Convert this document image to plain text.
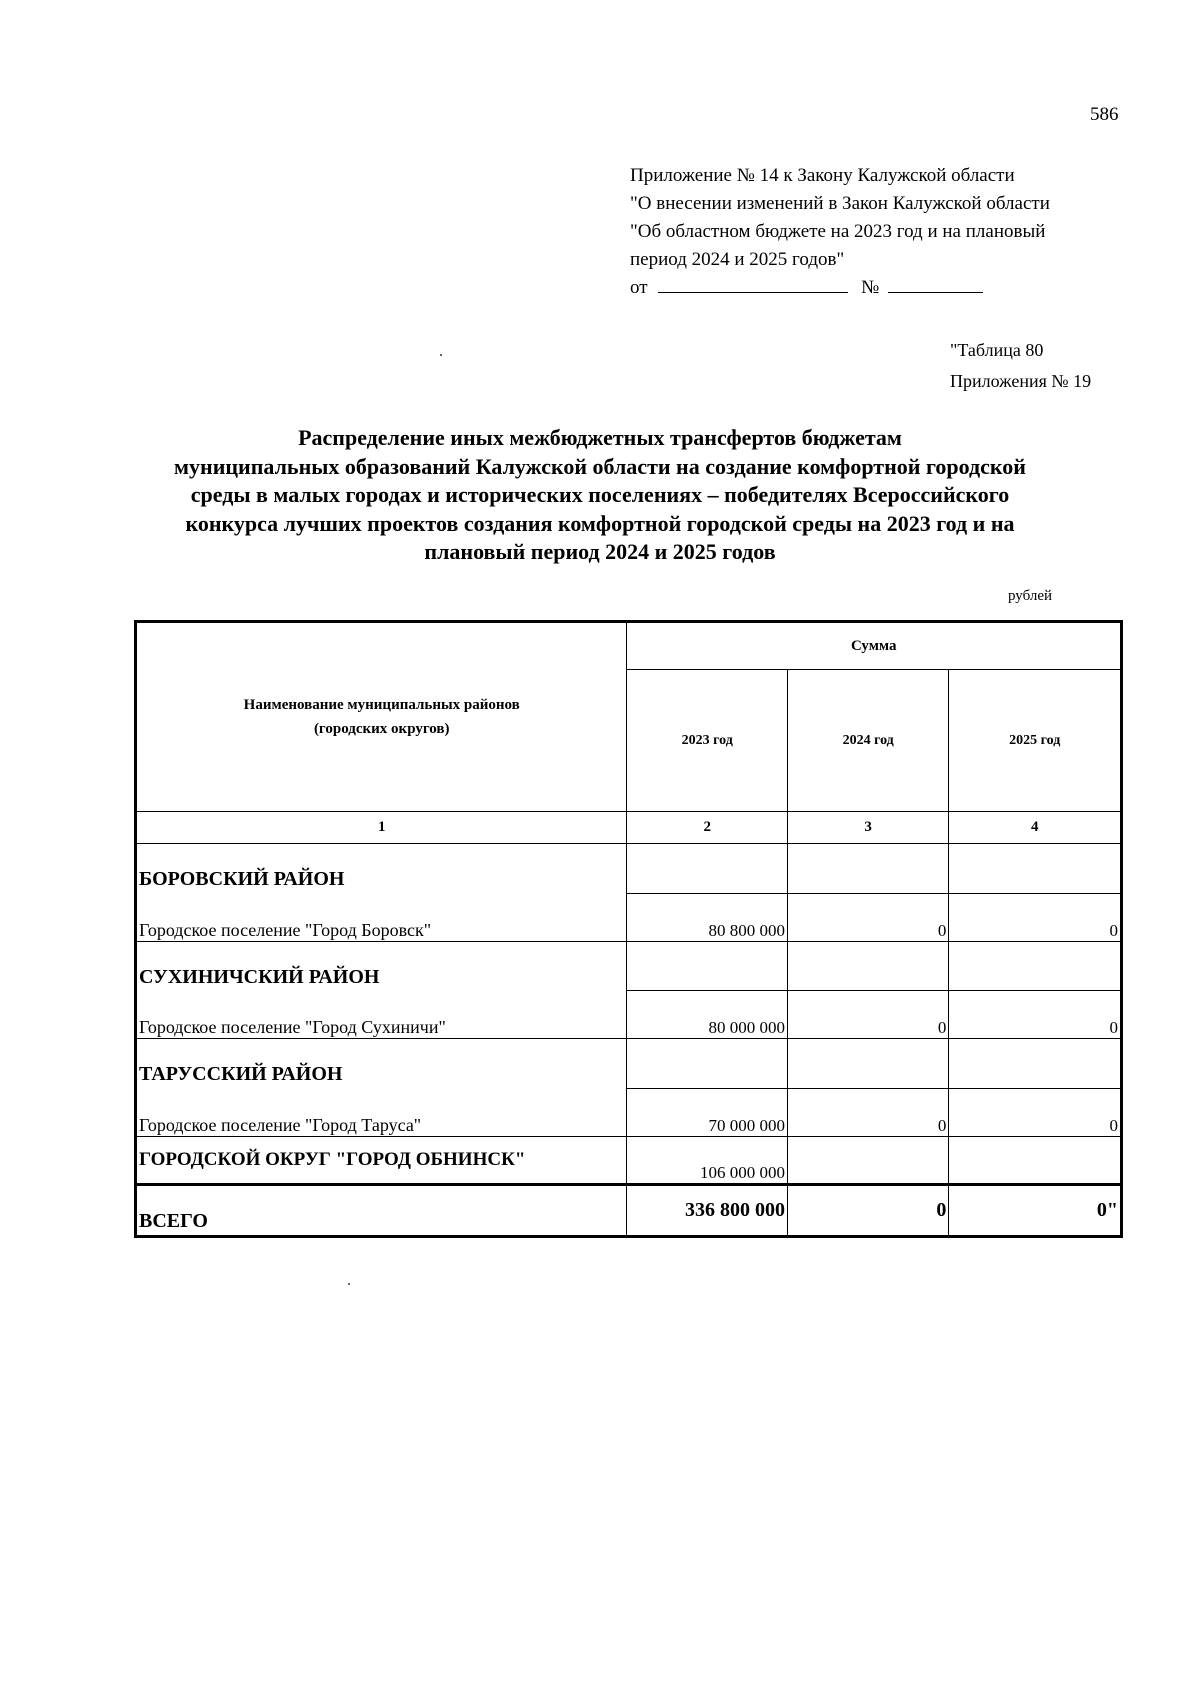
586
Приложение № 14 к Закону Калужской области
"О внесении изменений в Закон Калужской области
"Об областном бюджете на 2023 год и на плановый
период 2024 и 2025 годов"
от	№
"Таблица 80
Приложения № 19
Распределение иных межбюджетных трансфертов бюджетам
муниципальных образований Калужской области на создание комфортной городской
среды в малых городах и исторических поселениях – победителях Всероссийского
конкурса лучших проектов создания комфортной городской среды на 2023 год и на
плановый период 2024 и 2025 годов
рублей
Наименование муниципальных районов
(городских округов)	Сумма		
	2023 год	2024 год	2025 год
1	2	3	4
БОРОВСКИЙ РАЙОН			
Городское поселение "Город Боровск"	80 800 000	0	0
СУХИНИЧСКИЙ РАЙОН			
Городское поселение "Город Сухиничи"	80 000 000	0	0
ТАРУССКИЙ РАЙОН			
Городское поселение "Город Таруса"	70 000 000	0	0
ГОРОДСКОЙ ОКРУГ "ГОРОД ОБНИНСК"	106 000 000		
ВСЕГО	336 800 000	0	0"
